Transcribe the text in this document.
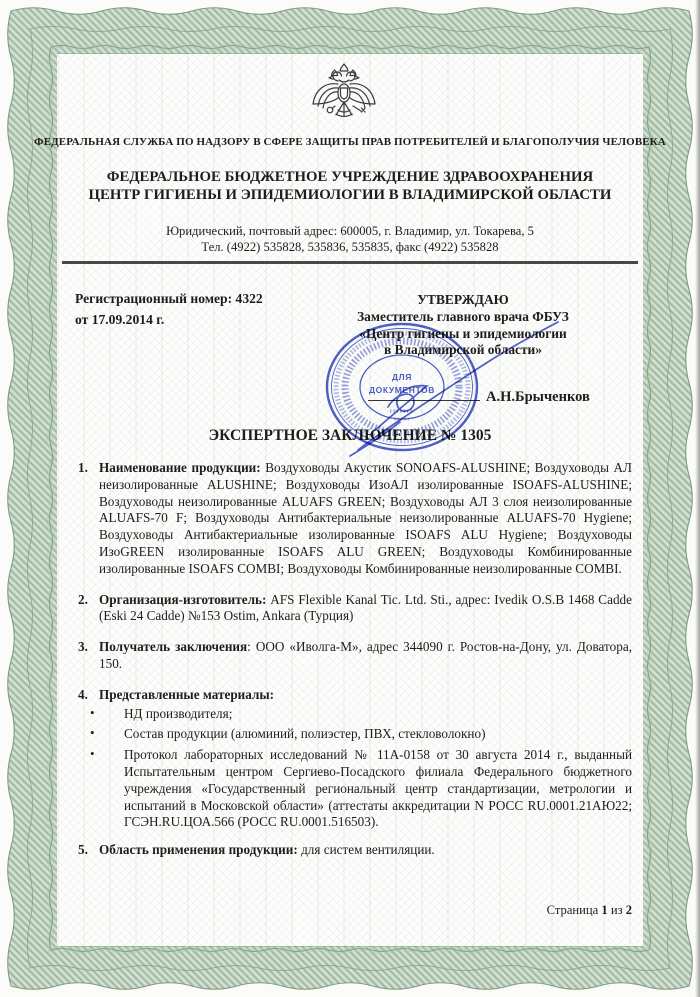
ФЕДЕРАЛЬНАЯ СЛУЖБА ПО НАДЗОРУ В СФЕРЕ ЗАЩИТЫ ПРАВ ПОТРЕБИТЕЛЕЙ И БЛАГОПОЛУЧИЯ ЧЕЛОВЕКА
ФЕДЕРАЛЬНОЕ БЮДЖЕТНОЕ УЧРЕЖДЕНИЕ ЗДРАВООХРАНЕНИЯ
ЦЕНТР ГИГИЕНЫ И ЭПИДЕМИОЛОГИИ В ВЛАДИМИРСКОЙ ОБЛАСТИ
Юридический, почтовый адрес: 600005, г. Владимир, ул. Токарева, 5
Тел. (4922) 535828, 535836, 535835, факс (4922) 535828
Регистрационный номер: 4322
от 17.09.2014 г.
УТВЕРЖДАЮ
Заместитель главного врача ФБУЗ
«Центр гигиены и эпидемиологии
в Владимирской области»
А.Н.Брыченков
ЭКСПЕРТНОЕ ЗАКЛЮЧЕНИЕ № 1305
1. Наименование продукции: Воздуховоды Акустик SONOAFS-ALUSHINE; Воздуховоды АЛ неизолированные ALUSHINE; Воздуховоды ИзоАЛ изолированные ISOAFS-ALUSHINE; Воздуховоды неизолированные ALUAFS GREEN; Воздуховоды АЛ 3 слоя неизолированные ALUAFS-70 F; Воздуховоды Антибактериальные неизолированные ALUAFS-70 Hygiene; Воздуховоды Антибактериальные изолированные ISOAFS ALU Hygiene; Воздуховоды ИзоGREEN изолированные ISOAFS ALU GREEN; Воздуховоды Комбинированные изолированные ISOAFS COMBI; Воздуховоды Комбинированные неизолированные COMBI.
2. Организация-изготовитель: AFS Flexible Kanal Tic. Ltd. Sti., адрес: Ivedik O.S.B 1468 Cadde (Eski 24 Cadde) №153 Ostim, Ankara (Турция)
3. Получатель заключения: ООО «Иволга-М», адрес 344090 г. Ростов-на-Дону, ул. Доватора, 150.
4. Представленные материалы:
• НД производителя;
• Состав продукции (алюминий, полиэстер, ПВХ, стекловолокно)
• Протокол лабораторных исследований № 11А-0158 от 30 августа 2014 г., выданный Испытательным центром Сергиево-Посадского филиала Федерального бюджетного учреждения «Государственный региональный центр стандартизации, метрологии и испытаний в Московской области» (аттестаты аккредитации N РОСС RU.0001.21АЮ22; ГСЭН.RU.ЦОА.566 (РОСС RU.0001.516503).
5. Область применения продукции: для систем вентиляции.
Страница 1 из 2
ДЛЯ
ДОКУМЕНТОВ
